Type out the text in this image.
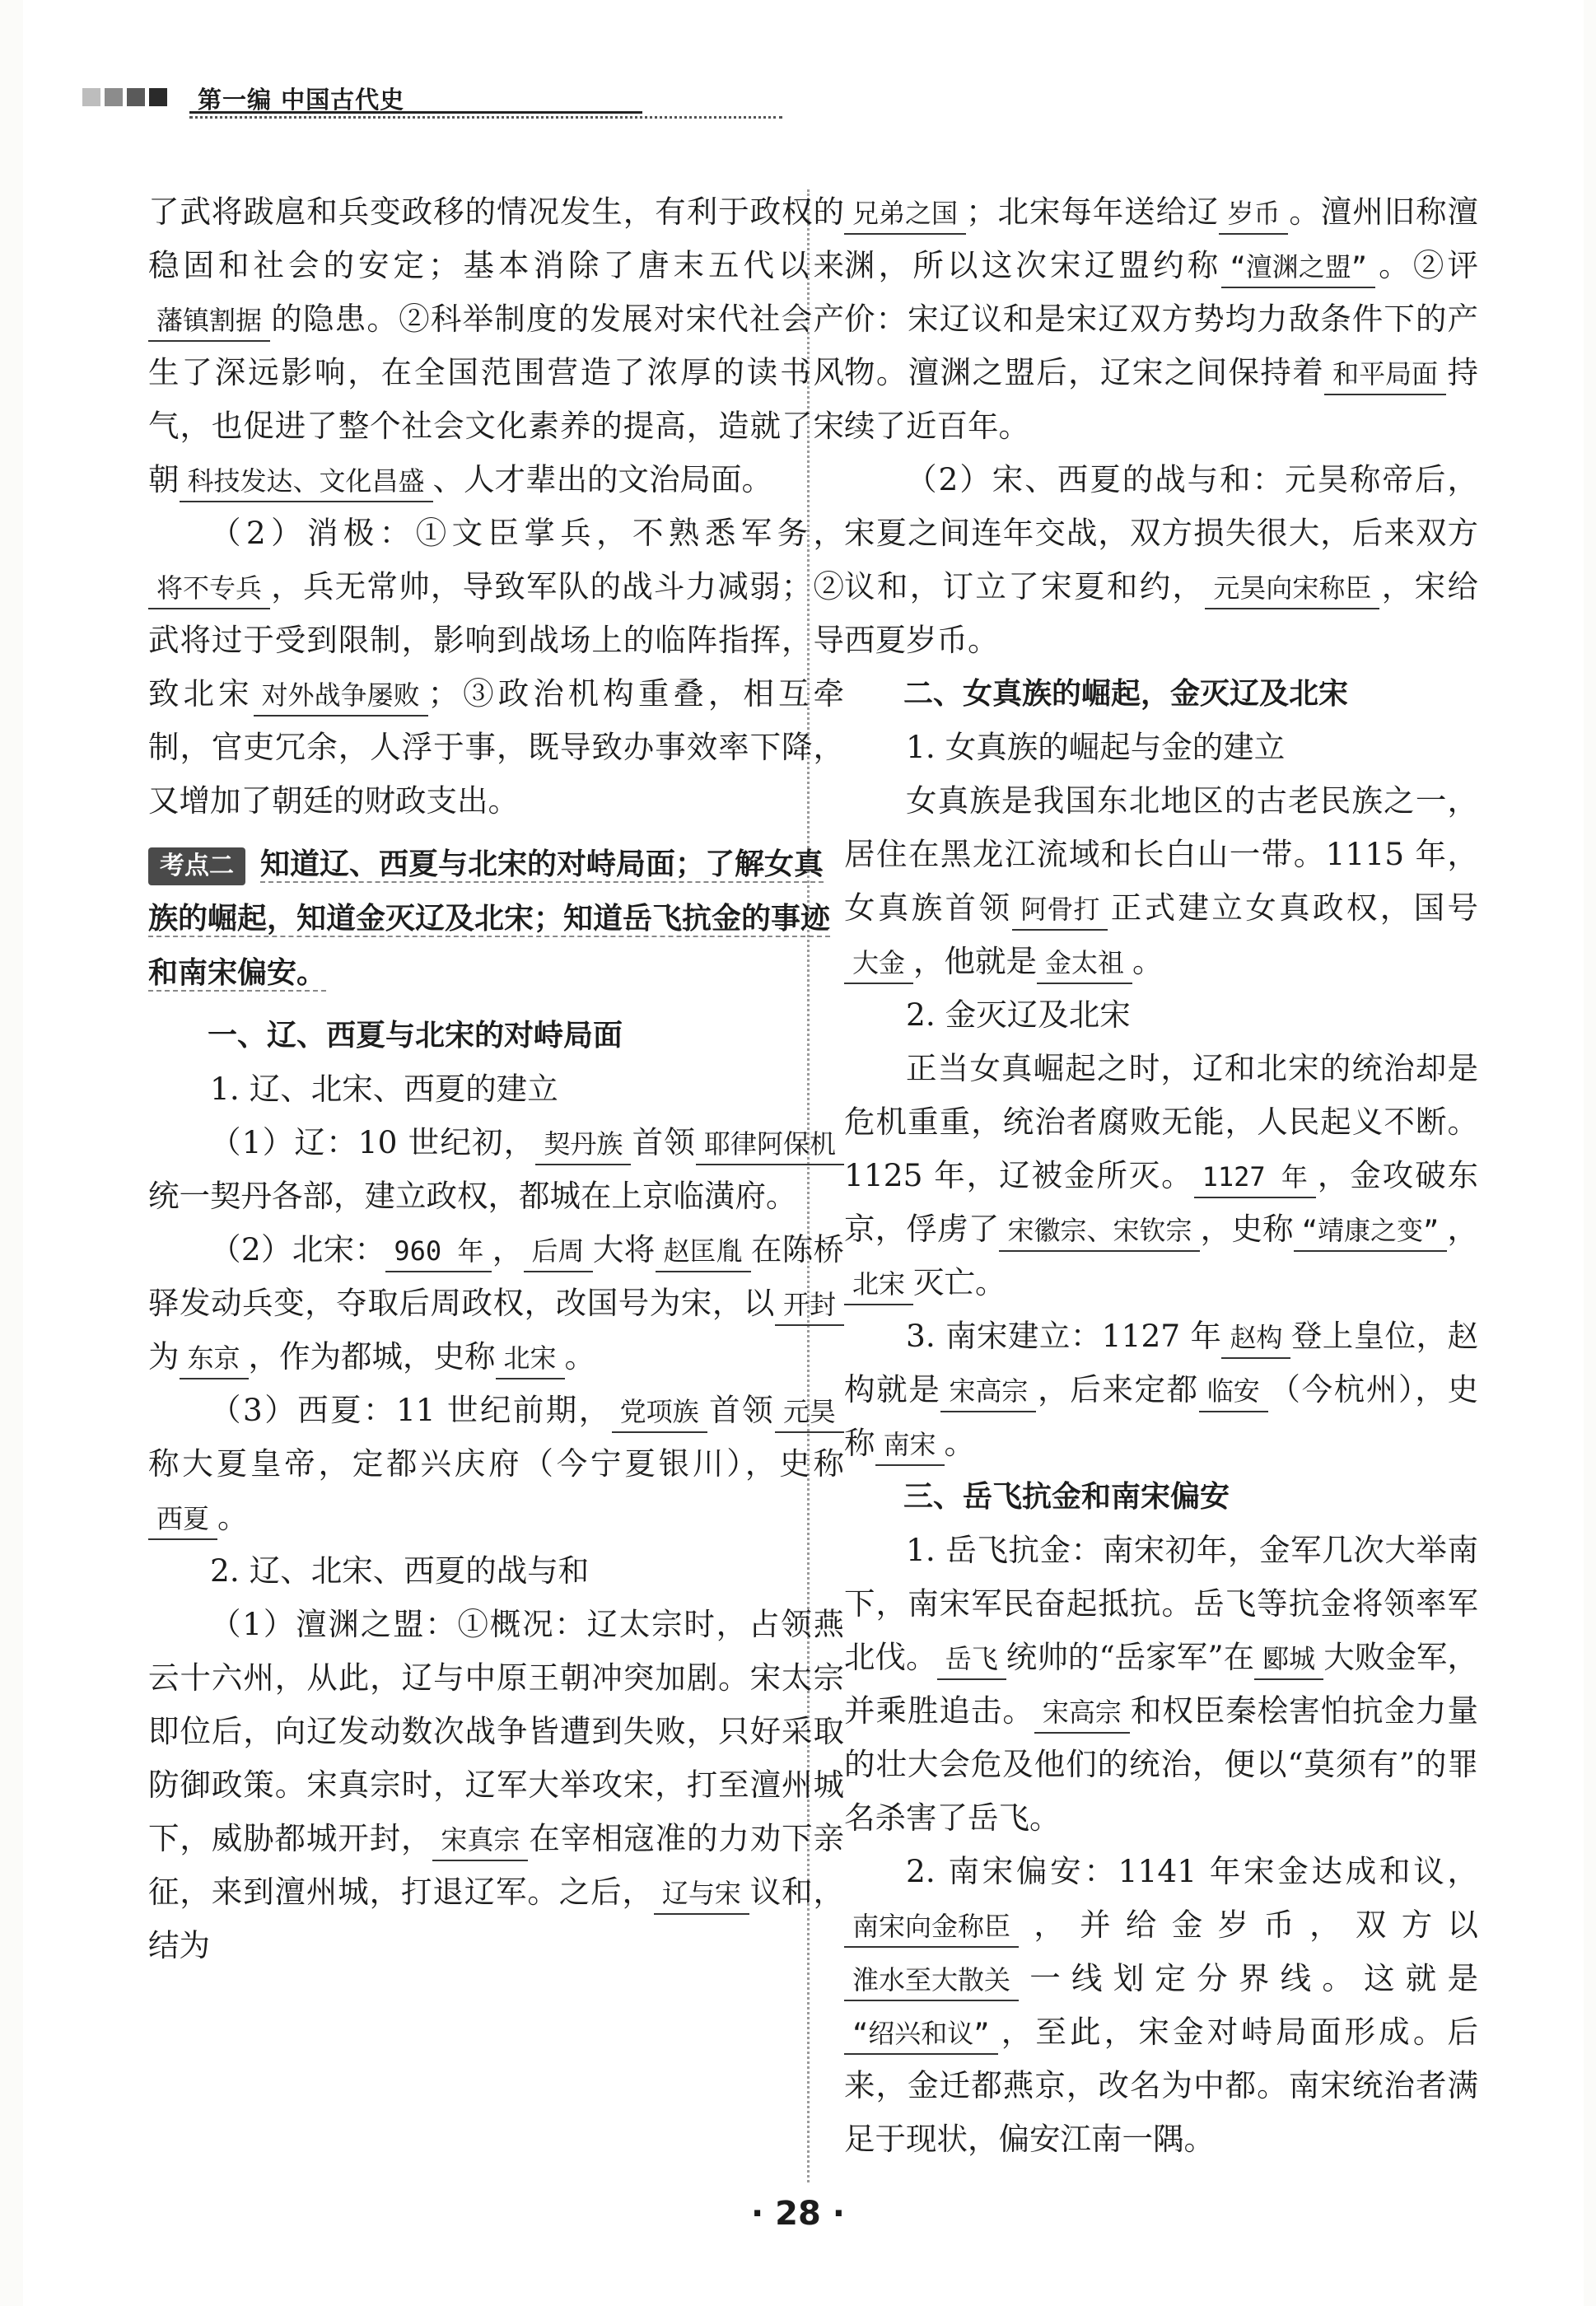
第一编 中国古代史

了武将跋扈和兵变政移的情况发生，有利于政权的稳固和社会的安定；基本消除了唐末五代以来藩镇割据 的隐患。②科举制度的发展对宋代社会产生了深远影响，在全国范围营造了浓厚的读书风气，也促进了整个社会文化素养的提高，造就了宋朝 科技发达、文化昌盛 、人才辈出的文治局面。

（2）消极：①文臣掌兵，不熟悉军务，将不专兵 ，兵无常帅，导致军队的战斗力减弱；②武将过于受到限制，影响到战场上的临阵指挥，导致北宋 对外战争屡败 ；③政治机构重叠，相互牵制，官吏冗余，人浮于事，既导致办事效率下降，又增加了朝廷的财政支出。

考点二 知道辽、西夏与北宋的对峙局面；了解女真族的崛起，知道金灭辽及北宋；知道岳飞抗金的事迹和南宋偏安。

一、辽、西夏与北宋的对峙局面

1. 辽、北宋、西夏的建立

（1）辽：10 世纪初， 契丹族 首领 耶律阿保机统一契丹各部，建立政权，都城在上京临潢府。

（2）北宋： 960 年 ， 后周 大将 赵匡胤 在陈桥驿发动兵变，夺取后周政权，改国号为宋，以 开封为 东京 ，作为都城，史称 北宋 。

（3）西夏：11 世纪前期， 党项族 首领 元昊称大夏皇帝，定都兴庆府（今宁夏银川），史称西夏 。

2. 辽、北宋、西夏的战与和

（1）澶渊之盟：①概况：辽太宗时，占领燕云十六州，从此，辽与中原王朝冲突加剧。宋太宗即位后，向辽发动数次战争皆遭到失败，只好采取防御政策。宋真宗时，辽军大举攻宋，打至澶州城下，威胁都城开封， 宋真宗 在宰相寇准的力劝下亲征，来到澶州城，打退辽军。之后， 辽与宋 议和，结为

兄弟之国 ；北宋每年送给辽 岁币 。澶州旧称澶渊，所以这次宋辽盟约称 “澶渊之盟” 。②评价：宋辽议和是宋辽双方势均力敌条件下的产物。澶渊之盟后，辽宋之间保持着 和平局面 持续了近百年。

（2）宋、西夏的战与和：元昊称帝后，宋夏之间连年交战，双方损失很大，后来双方议和，订立了宋夏和约， 元昊向宋称臣 ，宋给西夏岁币。

二、女真族的崛起，金灭辽及北宋

1. 女真族的崛起与金的建立

女真族是我国东北地区的古老民族之一，居住在黑龙江流域和长白山一带。1115 年，女真族首领 阿骨打 正式建立女真政权，国号大金 ，他就是 金太祖 。

2. 金灭辽及北宋

正当女真崛起之时，辽和北宋的统治却是危机重重，统治者腐败无能，人民起义不断。1125 年，辽被金所灭。 1127 年 ，金攻破东京，俘虏了 宋徽宗、宋钦宗 ，史称 “靖康之变” ，北宋 灭亡。

3. 南宋建立：1127 年 赵构 登上皇位，赵构就是 宋高宗 ，后来定都 临安 （今杭州），史称 南宋 。

三、岳飞抗金和南宋偏安

1. 岳飞抗金：南宋初年，金军几次大举南下，南宋军民奋起抵抗。岳飞等抗金将领率军北伐。 岳飞 统帅的“岳家军”在 郾城 大败金军，并乘胜追击。 宋高宗 和权臣秦桧害怕抗金力量的壮大会危及他们的统治，便以“莫须有”的罪名杀害了岳飞。

2. 南宋偏安：1141 年宋金达成和议，南宋向金称臣 ，并给金岁币，双方以淮水至大散关 一线划定分界线。这就是“绍兴和议” ，至此，宋金对峙局面形成。后来，金迁都燕京，改名为中都。南宋统治者满足于现状，偏安江南一隅。

· 28 ·
